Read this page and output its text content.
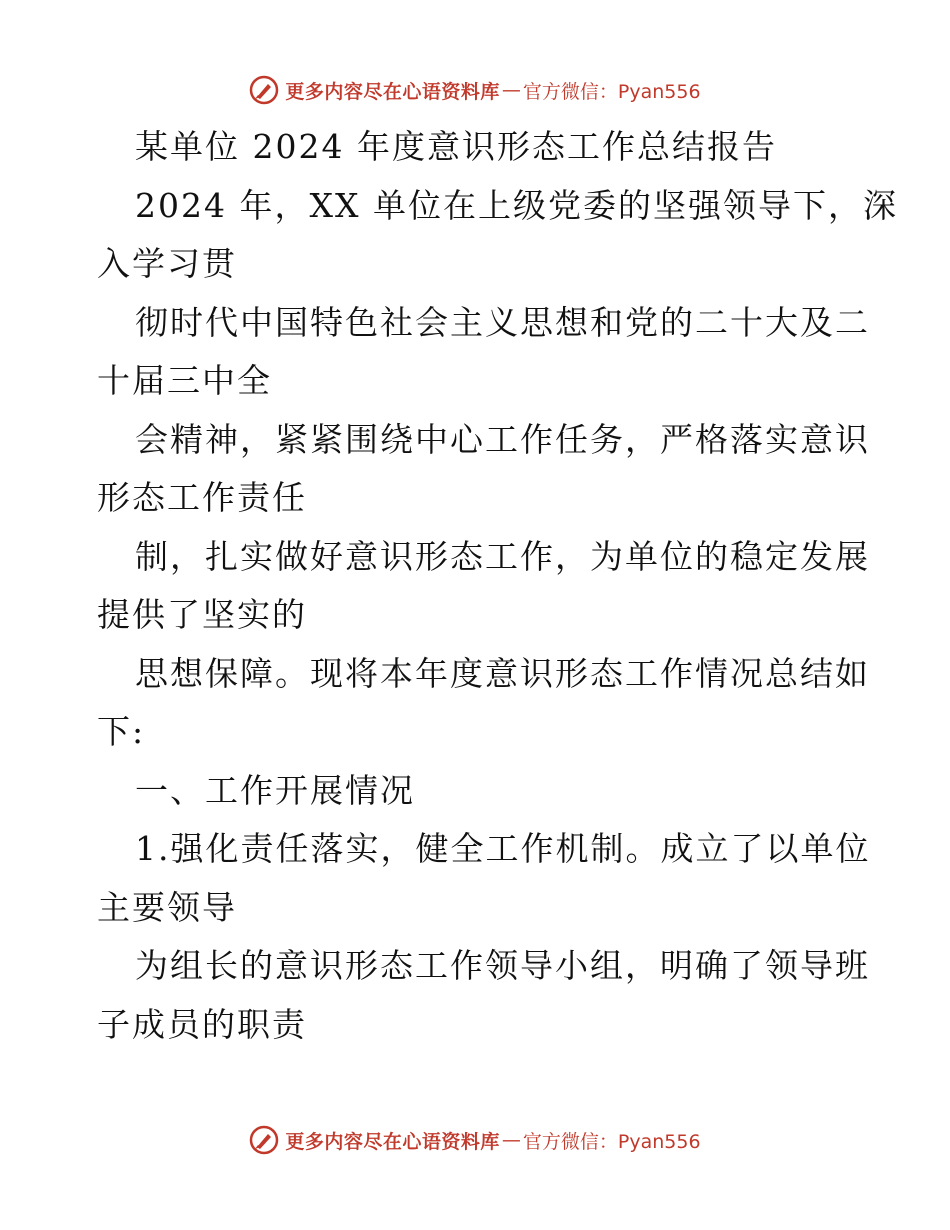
更多内容尽在心语资料库 — 官方微信：Pyan556
某单位 2024 年度意识形态工作总结报告
2024 年，XX 单位在上级党委的坚强领导下，深
入学习贯
彻时代中国特色社会主义思想和党的二十大及二
十届三中全
会精神，紧紧围绕中心工作任务，严格落实意识
形态工作责任
制，扎实做好意识形态工作，为单位的稳定发展
提供了坚实的
思想保障。现将本年度意识形态工作情况总结如
下:
一、工作开展情况
1.强化责任落实，健全工作机制。成立了以单位
主要领导
为组长的意识形态工作领导小组，明确了领导班
子成员的职责
更多内容尽在心语资料库 — 官方微信：Pyan556
